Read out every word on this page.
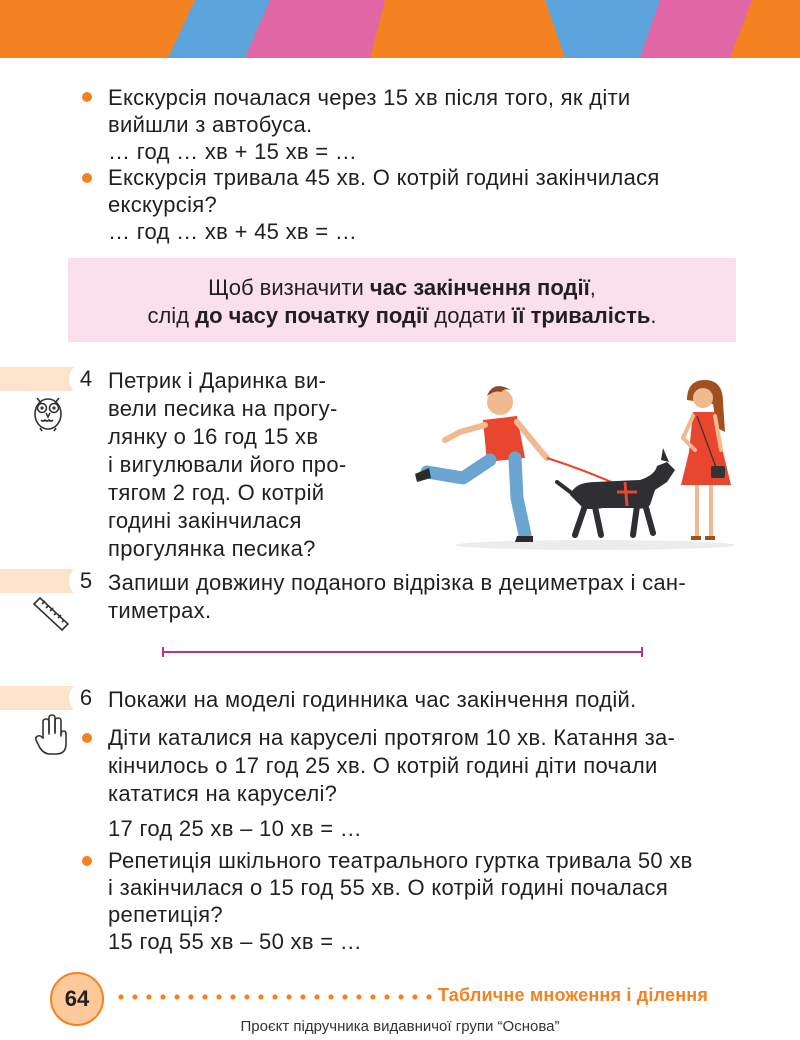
Екскурсія почалася через 15 хв після того, як діти
вийшли з автобуса.
… год … хв + 15 хв = …
Екскурсія тривала 45 хв. О котрій годині закінчилася
екскурсія?
… год … хв + 45 хв = …
Щоб визначити час закінчення події,
слід до часу початку події додати її тривалість.
4 Петрик і Даринка ви-
вели песика на прогу-
лянку о 16 год 15 хв
і вигулювали його про-
тягом 2 год. О котрій
годині закінчилася
прогулянка песика?
5 Запиши довжину поданого відрізка в дециметрах і сан-
тиметрах.
6 Покажи на моделі годинника час закінчення подій.
Діти каталися на каруселі протягом 10 хв. Катання за-
кінчилось о 17 год 25 хв. О котрій годині діти почали
кататися на каруселі?
17 год 25 хв – 10 хв = …
Репетиція шкільного театрального гуртка тривала 50 хв
і закінчилася о 15 год 55 хв. О котрій годині почалася
репетиція?
15 год 55 хв – 50 хв = …
64	Табличне множення і ділення
Проєкт підручника видавничої групи “Основа”
